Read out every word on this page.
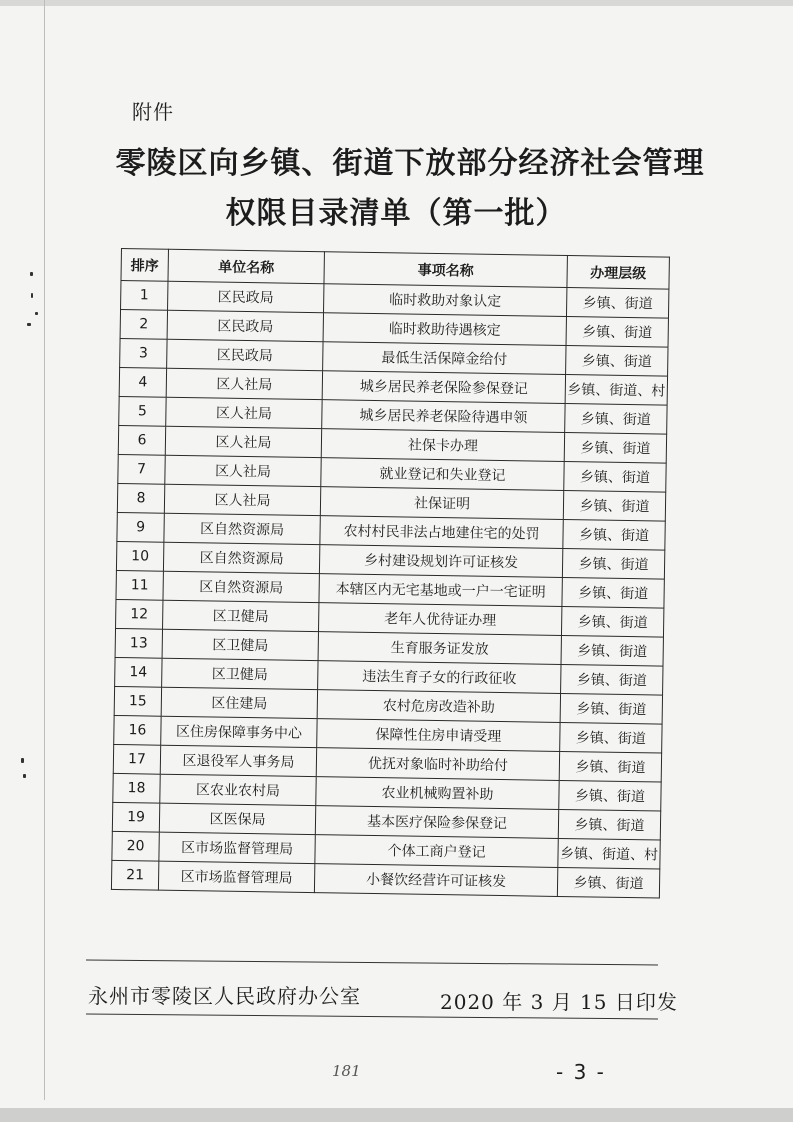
附件
零陵区向乡镇、街道下放部分经济社会管理
权限目录清单（第一批）
排序	单位名称	事项名称	办理层级
1	区民政局	临时救助对象认定	乡镇、街道
2	区民政局	临时救助待遇核定	乡镇、街道
3	区民政局	最低生活保障金给付	乡镇、街道
4	区人社局	城乡居民养老保险参保登记	乡镇、街道、村
5	区人社局	城乡居民养老保险待遇申领	乡镇、街道
6	区人社局	社保卡办理	乡镇、街道
7	区人社局	就业登记和失业登记	乡镇、街道
8	区人社局	社保证明	乡镇、街道
9	区自然资源局	农村村民非法占地建住宅的处罚	乡镇、街道
10	区自然资源局	乡村建设规划许可证核发	乡镇、街道
11	区自然资源局	本辖区内无宅基地或一户一宅证明	乡镇、街道
12	区卫健局	老年人优待证办理	乡镇、街道
13	区卫健局	生育服务证发放	乡镇、街道
14	区卫健局	违法生育子女的行政征收	乡镇、街道
15	区住建局	农村危房改造补助	乡镇、街道
16	区住房保障事务中心	保障性住房申请受理	乡镇、街道
17	区退役军人事务局	优抚对象临时补助给付	乡镇、街道
18	区农业农村局	农业机械购置补助	乡镇、街道
19	区医保局	基本医疗保险参保登记	乡镇、街道
20	区市场监督管理局	个体工商户登记	乡镇、街道、村
21	区市场监督管理局	小餐饮经营许可证核发	乡镇、街道
永州市零陵区人民政府办公室	2020 年 3 月 15 日印发
181	- 3 -
